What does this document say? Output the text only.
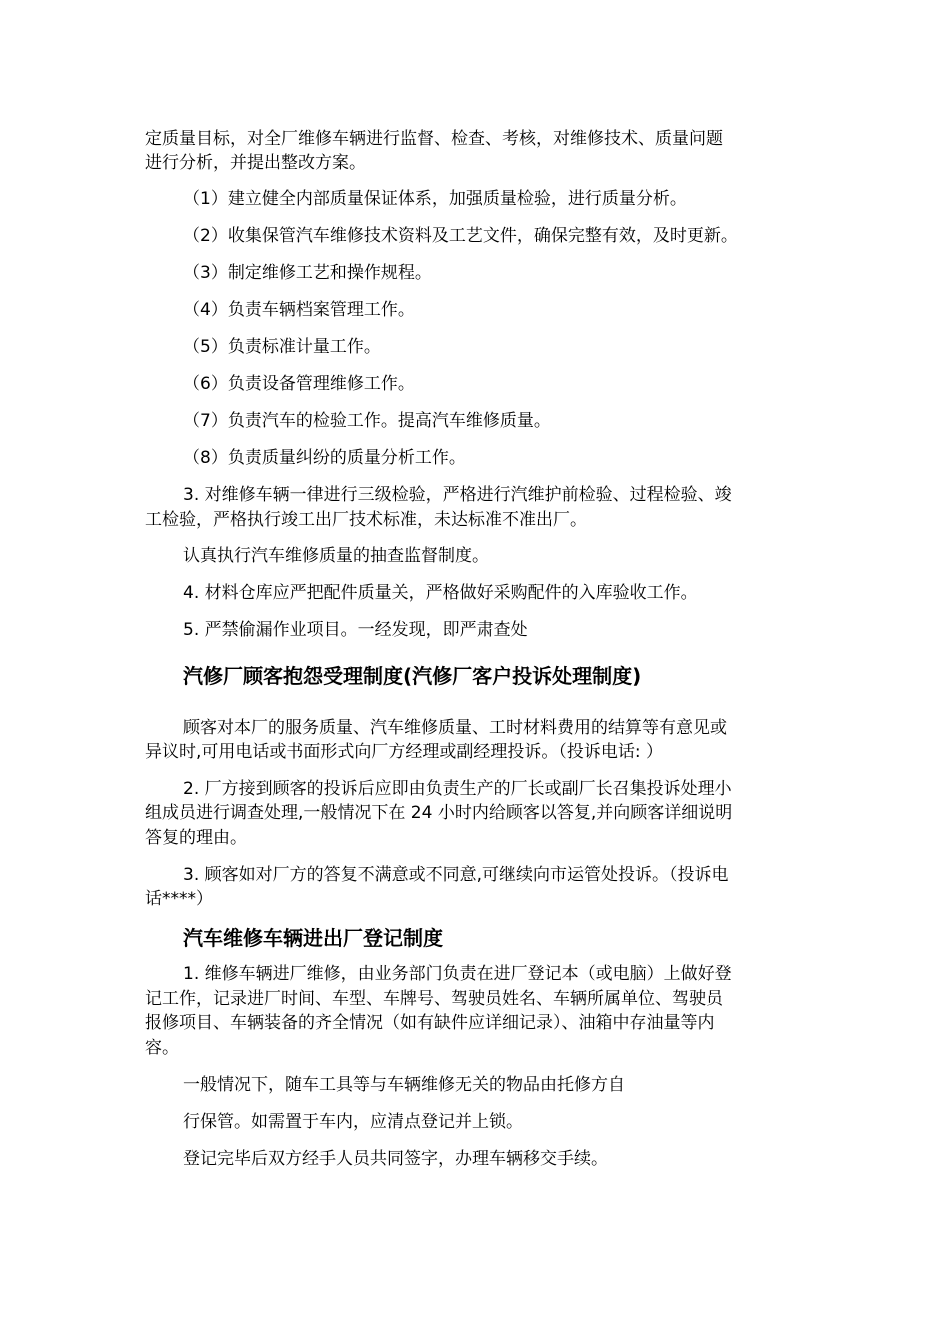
定质量目标，对全厂维修车辆进行监督、检查、考核，对维修技术、质量问题

进行分析，并提出整改方案。

（1）建立健全内部质量保证体系，加强质量检验，进行质量分析。

（2）收集保管汽车维修技术资料及工艺文件，确保完整有效，及时更新。

（3）制定维修工艺和操作规程。

（4）负责车辆档案管理工作。

（5）负责标准计量工作。

（6）负责设备管理维修工作。

（7）负责汽车的检验工作。提高汽车维修质量。

（8）负责质量纠纷的质量分析工作。

3. 对维修车辆一律进行三级检验，严格进行汽维护前检验、过程检验、竣

工检验，严格执行竣工出厂技术标准，未达标准不准出厂。

认真执行汽车维修质量的抽查监督制度。

4. 材料仓库应严把配件质量关，严格做好采购配件的入库验收工作。

5. 严禁偷漏作业项目。一经发现，即严肃查处

汽修厂顾客抱怨受理制度(汽修厂客户投诉处理制度)

顾客对本厂的服务质量、汽车维修质量、工时材料费用的结算等有意见或

异议时,可用电话或书面形式向厂方经理或副经理投诉。（投诉电话: ）

2. 厂方接到顾客的投诉后应即由负责生产的厂长或副厂长召集投诉处理小

组成员进行调查处理,一般情况下在 24 小时内给顾客以答复,并向顾客详细说明

答复的理由。

3. 顾客如对厂方的答复不满意或不同意,可继续向市运管处投诉。（投诉电

话****）

汽车维修车辆进出厂登记制度

1. 维修车辆进厂维修，由业务部门负责在进厂登记本（或电脑）上做好登

记工作，记录进厂时间、车型、车牌号、驾驶员姓名、车辆所属单位、驾驶员

报修项目、车辆装备的齐全情况（如有缺件应详细记录）、油箱中存油量等内

容。

一般情况下，随车工具等与车辆维修无关的物品由托修方自

行保管。如需置于车内，应清点登记并上锁。

登记完毕后双方经手人员共同签字，办理车辆移交手续。
